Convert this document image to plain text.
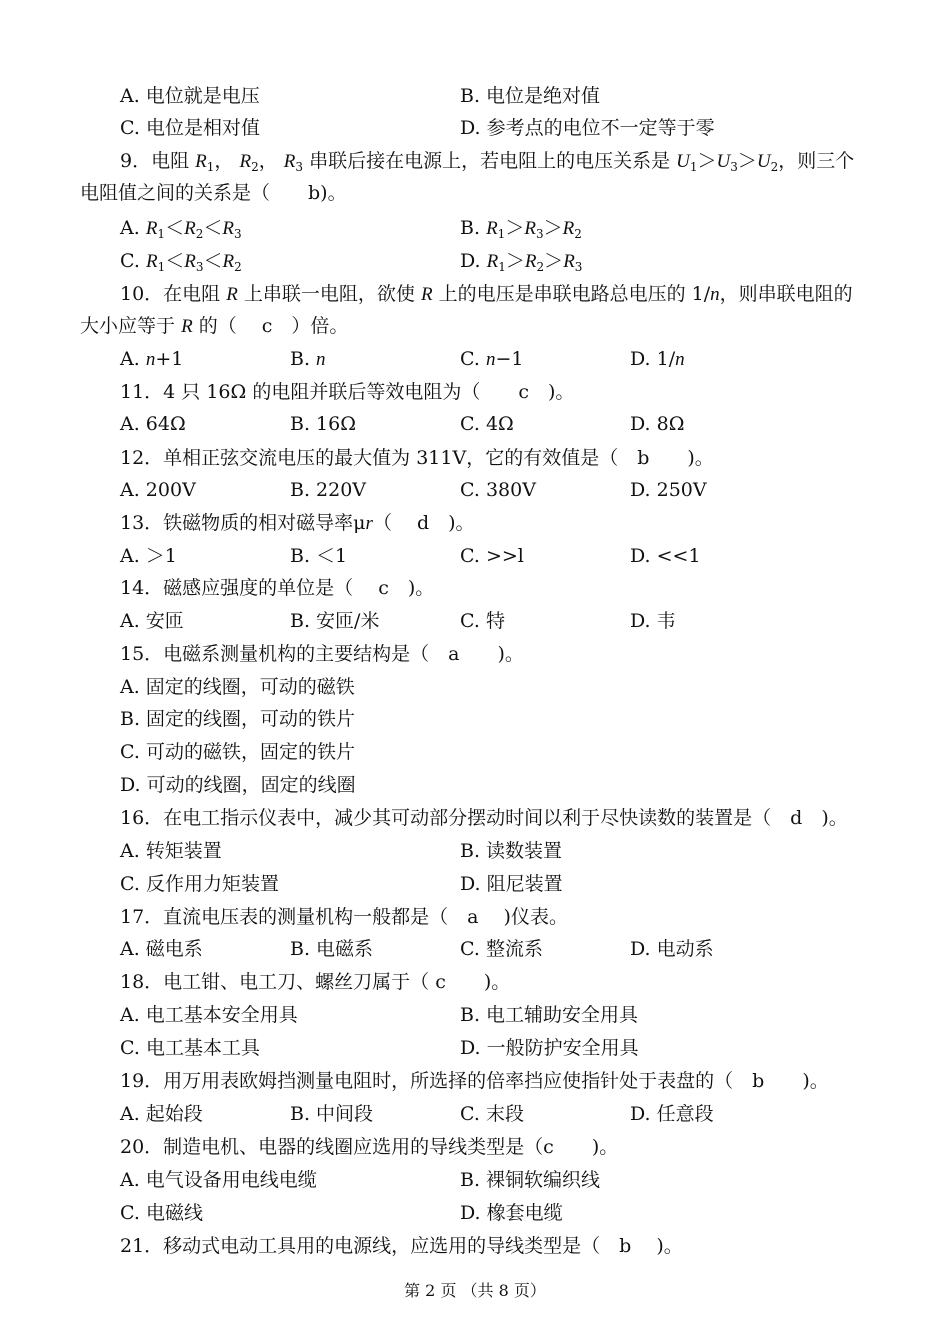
A. 电位就是电压	B. 电位是绝对值
C. 电位是相对值	D. 参考点的电位不一定等于零
9．电阻 $R_1$， $R_2$， $R_3$ 串联后接在电源上，若电阻上的电压关系是 $U_1>U_3>U_2$，则三个
电阻值之间的关系是（　　b)。
A. $R_1<R_2<R_3$	B. $R_1>R_3>R_2$
C. $R_1<R_3<R_2$	D. $R_1>R_2>R_3$
10．在电阻 R 上串联一电阻，欲使 R 上的电压是串联电路总电压的 1/n，则串联电阻的
大小应等于 R 的（　 c　）倍。
A. n+1	B. n	C. n−1	D. 1/n
11．4 只 16Ω 的电阻并联后等效电阻为（　　c　)。
A. 64Ω	B. 16Ω	C. 4Ω	D. 8Ω
12．单相正弦交流电压的最大值为 311V，它的有效值是（　b　　)。
A. 200V	B. 220V	C. 380V	D. 250V
13．铁磁物质的相对磁导率μr（　 d　)。
A. ＞1	B. ＜1	C. >>l	D. <<1
14．磁感应强度的单位是（　 c　)。
A. 安匝	B. 安匝/米	C. 特	D. 韦
15．电磁系测量机构的主要结构是（　a　　)。
A. 固定的线圈，可动的磁铁
B. 固定的线圈，可动的铁片
C. 可动的磁铁，固定的铁片
D. 可动的线圈，固定的线圈
16．在电工指示仪表中，减少其可动部分摆动时间以利于尽快读数的装置是（　d　)。
A. 转矩装置	B. 读数装置
C. 反作用力矩装置	D. 阻尼装置
17．直流电压表的测量机构一般都是（　a　 )仪表。
A. 磁电系	B. 电磁系	C. 整流系	D. 电动系
18．电工钳、电工刀、螺丝刀属于（ c　　)。
A. 电工基本安全用具	B. 电工辅助安全用具
C. 电工基本工具	D. 一般防护安全用具
19．用万用表欧姆挡测量电阻时，所选择的倍率挡应使指针处于表盘的（　b　　)。
A. 起始段	B. 中间段	C. 末段	D. 任意段
20．制造电机、电器的线圈应选用的导线类型是（c　　)。
A. 电气设备用电线电缆	B. 裸铜软编织线
C. 电磁线	D. 橡套电缆
21．移动式电动工具用的电源线，应选用的导线类型是（　b　 )。
第 2 页 （共 8 页）
